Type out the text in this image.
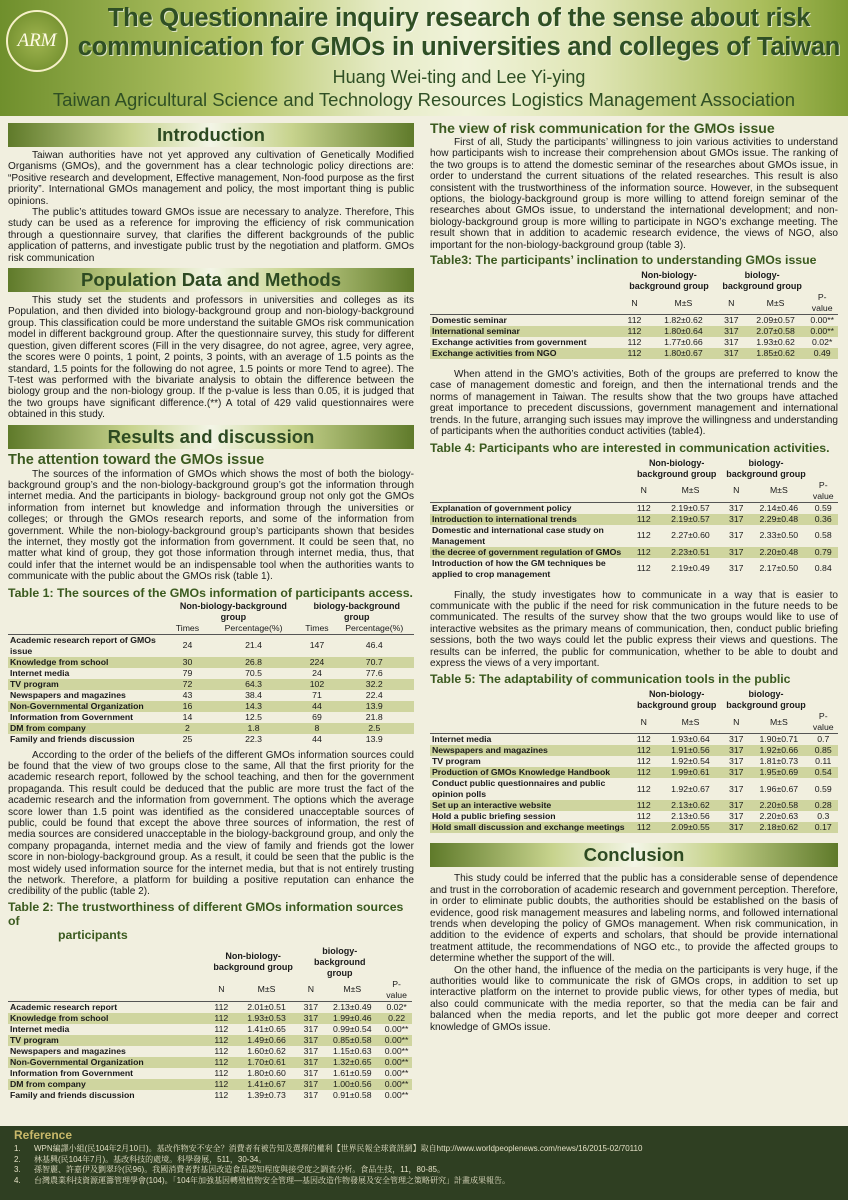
ARM
The Questionnaire inquiry research of the sense about risk
communication for GMOs in universities and colleges of Taiwan
Huang Wei-ting and Lee Yi-ying
Taiwan Agricultural Science and Technology Resources Logistics Management Association
Introduction

Taiwan authorities have not yet approved any cultivation of Genetically Modified Organisms (GMOs), and the government has a clear technologic policy directions are: “Positive research and development, Effective management, Non-food purpose as the first priority”. International GMOs management and policy, the most important thing is public opinions.

The public’s attitudes toward GMOs issue are necessary to analyze. Therefore, This study can be used as a reference for improving the efficiency of risk communication through a questionnaire survey, that clarifies the different backgrounds of the public application of patterns, and investigate public trust by the negotiation and platform. GMOs risk communication

Population Data and Methods

This study set the students and professors in universities and colleges as its Population, and then divided into biology-background group and non-biology-background group. This classification could be more understand the suitable GMOs risk communication model in different background group. After the questionnaire survey, this study for different question, given different scores (Fill in the very disagree, do not agree, agree, very agree, the scores were 0 points, 1 point, 2 points, 3 points, with an average of 1.5 points as the standard, 1.5 points for the following do not agree, 1.5 points or more Tend to agree). The T-test was performed with the bivariate analysis to obtain the difference between the biology group and the non-biology group. If the p-value is less than 0.05, it is judged that the two groups have significant difference.(**) A total of 429 valid questionnaires were obtained in this study.

Results and discussion
The attention toward the GMOs issue

The sources of the information of GMOs which shows the most of both the biology-background group’s and the non-biology-background group’s got the information through internet media. And the participants in biology- background group not only got the GMOs information from internet but knowledge and information through the universities or colleges; or through the GMOs research reports, and some of the information from government. While the non-biology-background group’s participants shown that besides the internet, they mostly got the information from government. It could be seen that, no matter what kind of group, they got those information through internet media, thus, that could infer that the internet would be an indispensable tool when the authorities wants to communicate with the public about the GMOs risk (table 1).

Table 1: The sources of the GMOs information of participants access.
	Non-biology-background group		biology-background group	
	Times	Percentage(%)	Times	Percentage(%)
Academic research report of GMOs issue	24	21.4	147	46.4
Knowledge from school	30	26.8	224	70.7
Internet media	79	70.5	24	77.6
TV program	72	64.3	102	32.2
Newspapers and magazines	43	38.4	71	22.4
Non-Governmental Organization	16	14.3	44	13.9
Information from Government	14	12.5	69	21.8
DM from company	2	1.8	8	2.5
Family and friends discussion	25	22.3	44	13.9

According to the order of the beliefs of the different GMOs information sources could be found that the view of two groups close to the same, All that the first priority for the academic research report, followed by the school teaching, and then for the government propaganda. This result could be deduced that the public are more trust the fact of the academic research and the information from government. The options which the average score lower than 1.5 point was identified as the considered unacceptable sources of public, could be found that except the above three sources of information, the rest of media sources are considered unacceptable in the biology-background group, and only the company propaganda, internet media and the view of family and friends got the lower score in non-biology-background group. As a result, it could be seen that the public is the most widely used information source for the internet media, but that is not entirely trusting the network. Therefore, a platform for building a positive reputation can enhance the credibility of the public (table 2).

Table 2: The trustworthiness of different GMOs information sources of
participants
	Non-biology-background group		biology-background group		
	N	M±S	N	M±S	P- value
Academic research report	112	2.01±0.51	317	2.13±0.49	0.02*
Knowledge from school	112	1.93±0.53	317	1.99±0.46	0.22
Internet media	112	1.41±0.65	317	0.99±0.54	0.00**
TV program	112	1.49±0.66	317	0.85±0.58	0.00**
Newspapers and magazines	112	1.60±0.62	317	1.15±0.63	0.00**
Non-Governmental Organization	112	1.70±0.61	317	1.32±0.65	0.00**
Information from Government	112	1.80±0.60	317	1.61±0.59	0.00**
DM from company	112	1.41±0.67	317	1.00±0.56	0.00**
Family and friends discussion	112	1.39±0.73	317	0.91±0.58	0.00**
The view of risk communication for the GMOs issue

First of all, Study the participants’ willingness to join various activities to understand how participants wish to increase their comprehension about GMOs issue. The ranking of the two groups is to attend the domestic seminar of the researches about GMOs issue, in order to understand the current situations of the related researches. This result is also consistent with the trustworthiness of the information source. However, in the subsequent options, the biology-background group is more willing to attend foreign seminar of the researches about GMOs issue, to understand the international development; and non-biology-background group is more willing to participate in NGO’s exchange meeting. The result shown that in addition to academic research evidence, the views of NGO, also important for the non-biology-background group (table 3).

Table3: The participants’ inclination to understanding GMOs issue
	Non-biology-background group		biology-background group		
	N	M±S	N	M±S	P- value
Domestic seminar	112	1.82±0.62	317	2.09±0.57	0.00**
International seminar	112	1.80±0.64	317	2.07±0.58	0.00**
Exchange activities from government	112	1.77±0.66	317	1.93±0.62	0.02*
Exchange activities from NGO	112	1.80±0.67	317	1.85±0.62	0.49

When attend in the GMO’s activities, Both of the groups are preferred to know the case of management domestic and foreign, and then the international trends and the norms of management in Taiwan. The results show that the two groups have attached great importance to precedent discussions, government management and international trends. In the future, arranging such issues may improve the willingness and understanding of participants when the authorities conduct activities (table4).

Table 4: Participants who are interested in communication activities.
	Non-biology-background group		biology-background group		
	N	M±S	N	M±S	P- value
Explanation of government policy	112	2.19±0.57	317	2.14±0.46	0.59
Introduction to international trends	112	2.19±0.57	317	2.29±0.48	0.36
Domestic and international case study on Management	112	2.27±0.60	317	2.33±0.50	0.58
the decree of government regulation of GMOs	112	2.23±0.51	317	2.20±0.48	0.79
Introduction of how the GM techniques be applied to crop management	112	2.19±0.49	317	2.17±0.50	0.84

Finally, the study investigates how to communicate in a way that is easier to communicate with the public if the need for risk communication in the future needs to be communicated. The results of the survey show that the two groups would like to use of interactive websites as the primary means of communication, then, conduct public briefing sessions, both the two ways could let the public express their views and questions. The results can be inferred, the public for communication, whether to be able to doubt and express the views of a very important.

Table 5: The adaptability of communication tools in the public
	Non-biology-background group		biology-background group		
	N	M±S	N	M±S	P- value
Internet media	112	1.93±0.64	317	1.90±0.71	0.7
Newspapers and magazines	112	1.91±0.56	317	1.92±0.66	0.85
TV program	112	1.92±0.54	317	1.81±0.73	0.11
Production of GMOs Knowledge Handbook	112	1.99±0.61	317	1.95±0.69	0.54
Conduct public questionnaires and public opinion polls	112	1.92±0.67	317	1.96±0.67	0.59
Set up an interactive website	112	2.13±0.62	317	2.20±0.58	0.28
Hold a public briefing session	112	2.13±0.56	317	2.20±0.63	0.3
Hold small discussion and exchange meetings	112	2.09±0.55	317	2.18±0.62	0.17
Conclusion

This study could be inferred that the public has a considerable sense of dependence and trust in the corroboration of academic research and government perception. Therefore, in order to eliminate public doubts, the authorities should be established on the basis of evidence, good risk management measures and labeling norms, and followed international trends when developing the policy of GMOs management. When risk communication, in addition to the evidence of experts and scholars, that should be provide international treatment attitude, the recommendations of NGO etc., to provide the affected groups to determine whether the support of the will.

On the other hand, the influence of the media on the participants is very huge, if the authorities would like to communicate the risk of GMOs crops, in addition to set up interactive platform on the internet to provide public views, for other types of media, but also could communicate with the media reporter, so that the media can be fair and balanced when the media reports, and let the public got more deeper and correct knowledge of GMOs issue.

Reference
1. WPN編譯小組(民104年2月10日)。基改作物安不安全？消費者有被告知及選擇的權利【世界民報全球資訊網】取自http://www.worldpeoplenews.com/news/16/2015-02/70110
2. 林基興(民104年7月)。基改科技的處境。科學發展，511，30-34。
3. 孫智麗、許嘉伊及劉翠玲(民96)。我國消費者對基因改造食品認知程度與接受度之調查分析。食品生技，11，80-85。
4. 台灣農業科技資源運籌管理學會(104)。「104年加強基因轉殖植物安全管理—基因改造作物發展及安全管理之策略研究」計畫成果報告。
